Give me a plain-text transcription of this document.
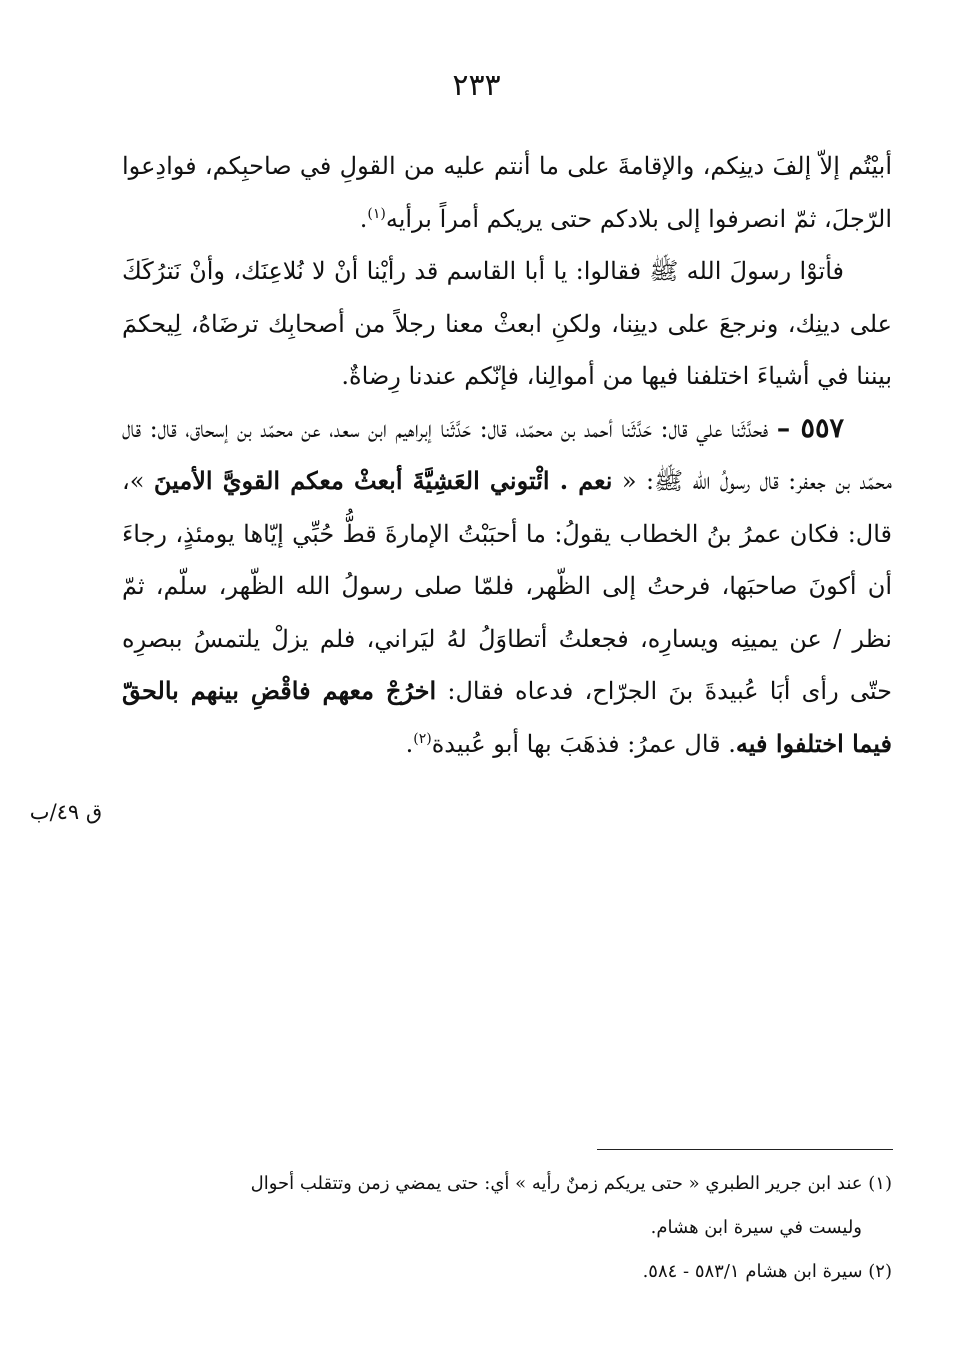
٢٣٣

أبيْتُم إلاّ إلفَ دينِكم، والإقامةَ على ما أنتم عليه من القولِ في صاحبِكم، فوادِعوا الرّجلَ، ثمّ انصرفوا إلى بلادكم حتى يريكم أمراً برأيه$^{(١)}$.

فأتوْا رسولَ الله ﷺ فقالوا: يا أبا القاسم قد رأيْنا أنْ لا نُلاعِنَك، وأنْ نَترُكَكَ على دينِك، ونرجعَ على دينِنا، ولكنِ ابعثْ معنا رجلاً من أصحابِك ترضَاهُ، لِيحكمَ بيننا في أشياءَ اختلفنا فيها من أموالِنا، فإنّكم عندنا رِضاةٌ.

٥٥٧ – فحدَّثَنا علي قال: حَدَّثَنا أحمد بن محمّد، قال: حَدَّثَنا إبراهيم ابن سعد، عن محمّد بن إسحاق، قال: قال محمّد بن جعفر: قال رسولُ الله ﷺ: « نعم . ائْتوني العَشِيَّةَ أبعثْ معكم القويَّ الأمينَ »، قال: فكان عمرُ بنُ الخطاب يقولُ: ما أحبَبْتُ الإمارةَ قطُّ حُبِّي إيّاها يومئذٍ، رجاءَ أن أكونَ صاحبَها، فرحتُ إلى الظّهر، فلمّا صلى رسولُ الله الظّهر، سلّم، ثمّ نظر / عن يمينِه ويسارِه، فجعلتُ أتطاوَلُ لهُ ليَراني، فلم يزلْ يلتمسُ ببصرِه حتّى رأى أبَا عُبيدةَ بنَ الجرّاح، فدعاه فقال: اخرُجْ معهم فاقْضِ بينهم بالحقّ فيما اختلفوا فيه. قال عمرُ: فذهَبَ بها أبو عُبيدة$^{(٢)}$.

ق ٤٩/ب

(١) عند ابن جرير الطبري « حتى يريكم زمنٌ رأيه » أي: حتى يمضي زمن وتتقلب أحوال

وليست في سيرة ابن هشام.

(٢) سيرة ابن هشام ٥٨٣/١ - ٥٨٤.
